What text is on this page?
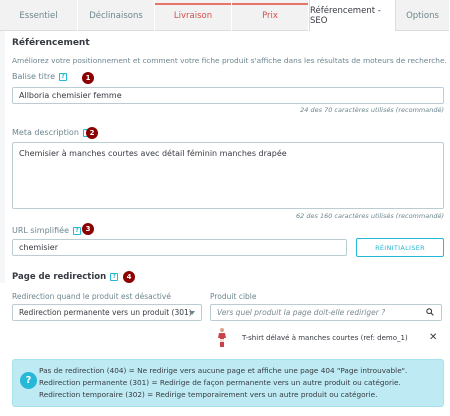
Essentiel	Déclinaisons	Livraison	Prix	Référencement - SEO
Options
Référencement
Améliorez votre positionnement et comment votre fiche produit s'affiche dans les résultats de moteurs de recherche.
Balise titre	?	1
Allboria chemisier femme
24 des 70 caractères utilisés (recommandé)
Meta description	2
Chemisier à manches courtes avec détail féminin manches drapée
62 des 160 caractères utilisés (recommandé)
URL simplifiée	? 3
chemisier	RÉINITIALISER
Page de redirection	?	4
Redirection quand le produit est désactivé
Redirection permanente vers un produit (301)
Produit cible
Vers quel produit la page doit-elle rediriger ?
T-shirt délavé à manches courtes (ref: demo_1) ✕
?
Pas de redirection (404) = Ne redirige vers aucune page et affiche une page 404 "Page introuvable".
Redirection permanente (301) = Redirige de façon permanente vers un autre produit ou catégorie.
Redirection temporaire (302) = Redirige temporairement vers un autre produit ou catégorie.
